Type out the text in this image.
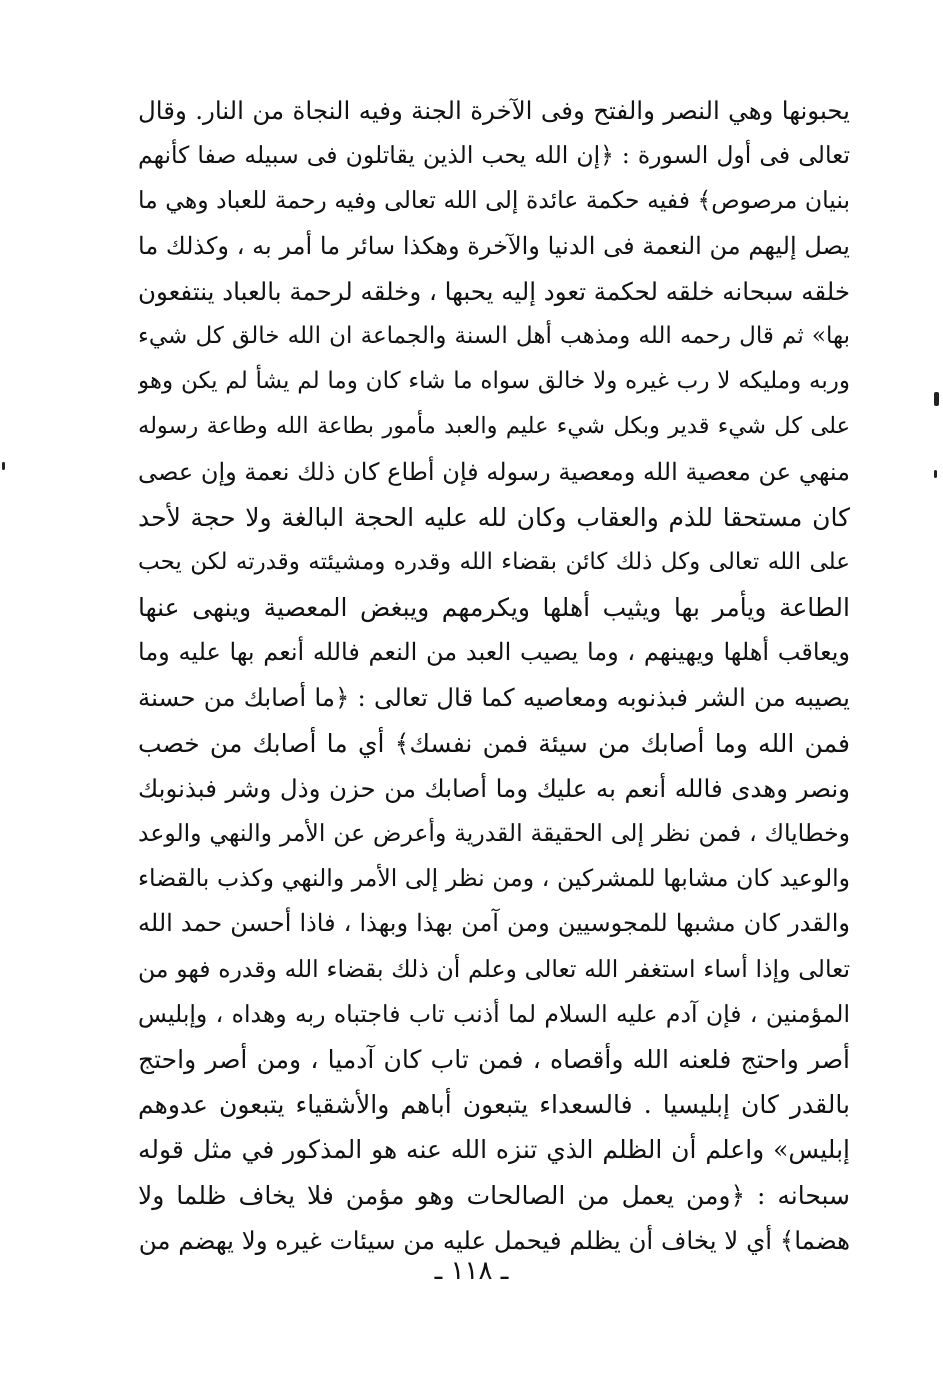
يحبونها وهي النصر والفتح وفى الآخرة الجنة وفيه النجاة من النار. وقال
تعالى فى أول السورة : ﴿إن الله يحب الذين يقاتلون فى سبيله صفا كأنهم
بنيان مرصوص﴾ ففيه حكمة عائدة إلى الله تعالى وفيه رحمة للعباد وهي ما
يصل إليهم من النعمة فى الدنيا والآخرة وهكذا سائر ما أمر به ، وكذلك ما
خلقه سبحانه خلقه لحكمة تعود إليه يحبها ، وخلقه لرحمة بالعباد ينتفعون
بها» ثم قال رحمه الله ومذهب أهل السنة والجماعة ان الله خالق كل شيء
وربه ومليكه لا رب غيره ولا خالق سواه ما شاء كان وما لم يشأ لم يكن وهو
على كل شيء قدير وبكل شيء عليم والعبد مأمور بطاعة الله وطاعة رسوله
منهي عن معصية الله ومعصية رسوله فإن أطاع كان ذلك نعمة وإن عصى
كان مستحقا للذم والعقاب وكان لله عليه الحجة البالغة ولا حجة لأحد
على الله تعالى وكل ذلك كائن بقضاء الله وقدره ومشيئته وقدرته لكن يحب
الطاعة ويأمر بها ويثيب أهلها ويكرمهم ويبغض المعصية وينهى عنها
ويعاقب أهلها ويهينهم ، وما يصيب العبد من النعم فالله أنعم بها عليه وما
يصيبه من الشر فبذنوبه ومعاصيه كما قال تعالى : ﴿ما أصابك من حسنة
فمن الله وما أصابك من سيئة فمن نفسك﴾ أي ما أصابك من خصب
ونصر وهدى فالله أنعم به عليك وما أصابك من حزن وذل وشر فبذنوبك
وخطاياك ، فمن نظر إلى الحقيقة القدرية وأعرض عن الأمر والنهي والوعد
والوعيد كان مشابها للمشركين ، ومن نظر إلى الأمر والنهي وكذب بالقضاء
والقدر كان مشبها للمجوسيين ومن آمن بهذا وبهذا ، فاذا أحسن حمد الله
تعالى وإذا أساء استغفر الله تعالى وعلم أن ذلك بقضاء الله وقدره فهو من
المؤمنين ، فإن آدم عليه السلام لما أذنب تاب فاجتباه ربه وهداه ، وإبليس
أصر واحتج فلعنه الله وأقصاه ، فمن تاب كان آدميا ، ومن أصر واحتج
بالقدر كان إبليسيا . فالسعداء يتبعون أباهم والأشقياء يتبعون عدوهم
إبليس» واعلم أن الظلم الذي تنزه الله عنه هو المذكور في مثل قوله
سبحانه : ﴿ومن يعمل من الصالحات وهو مؤمن فلا يخاف ظلما ولا
هضما﴾ أي لا يخاف أن يظلم فيحمل عليه من سيئات غيره ولا يهضم من
ـ ١١٨ ـ
